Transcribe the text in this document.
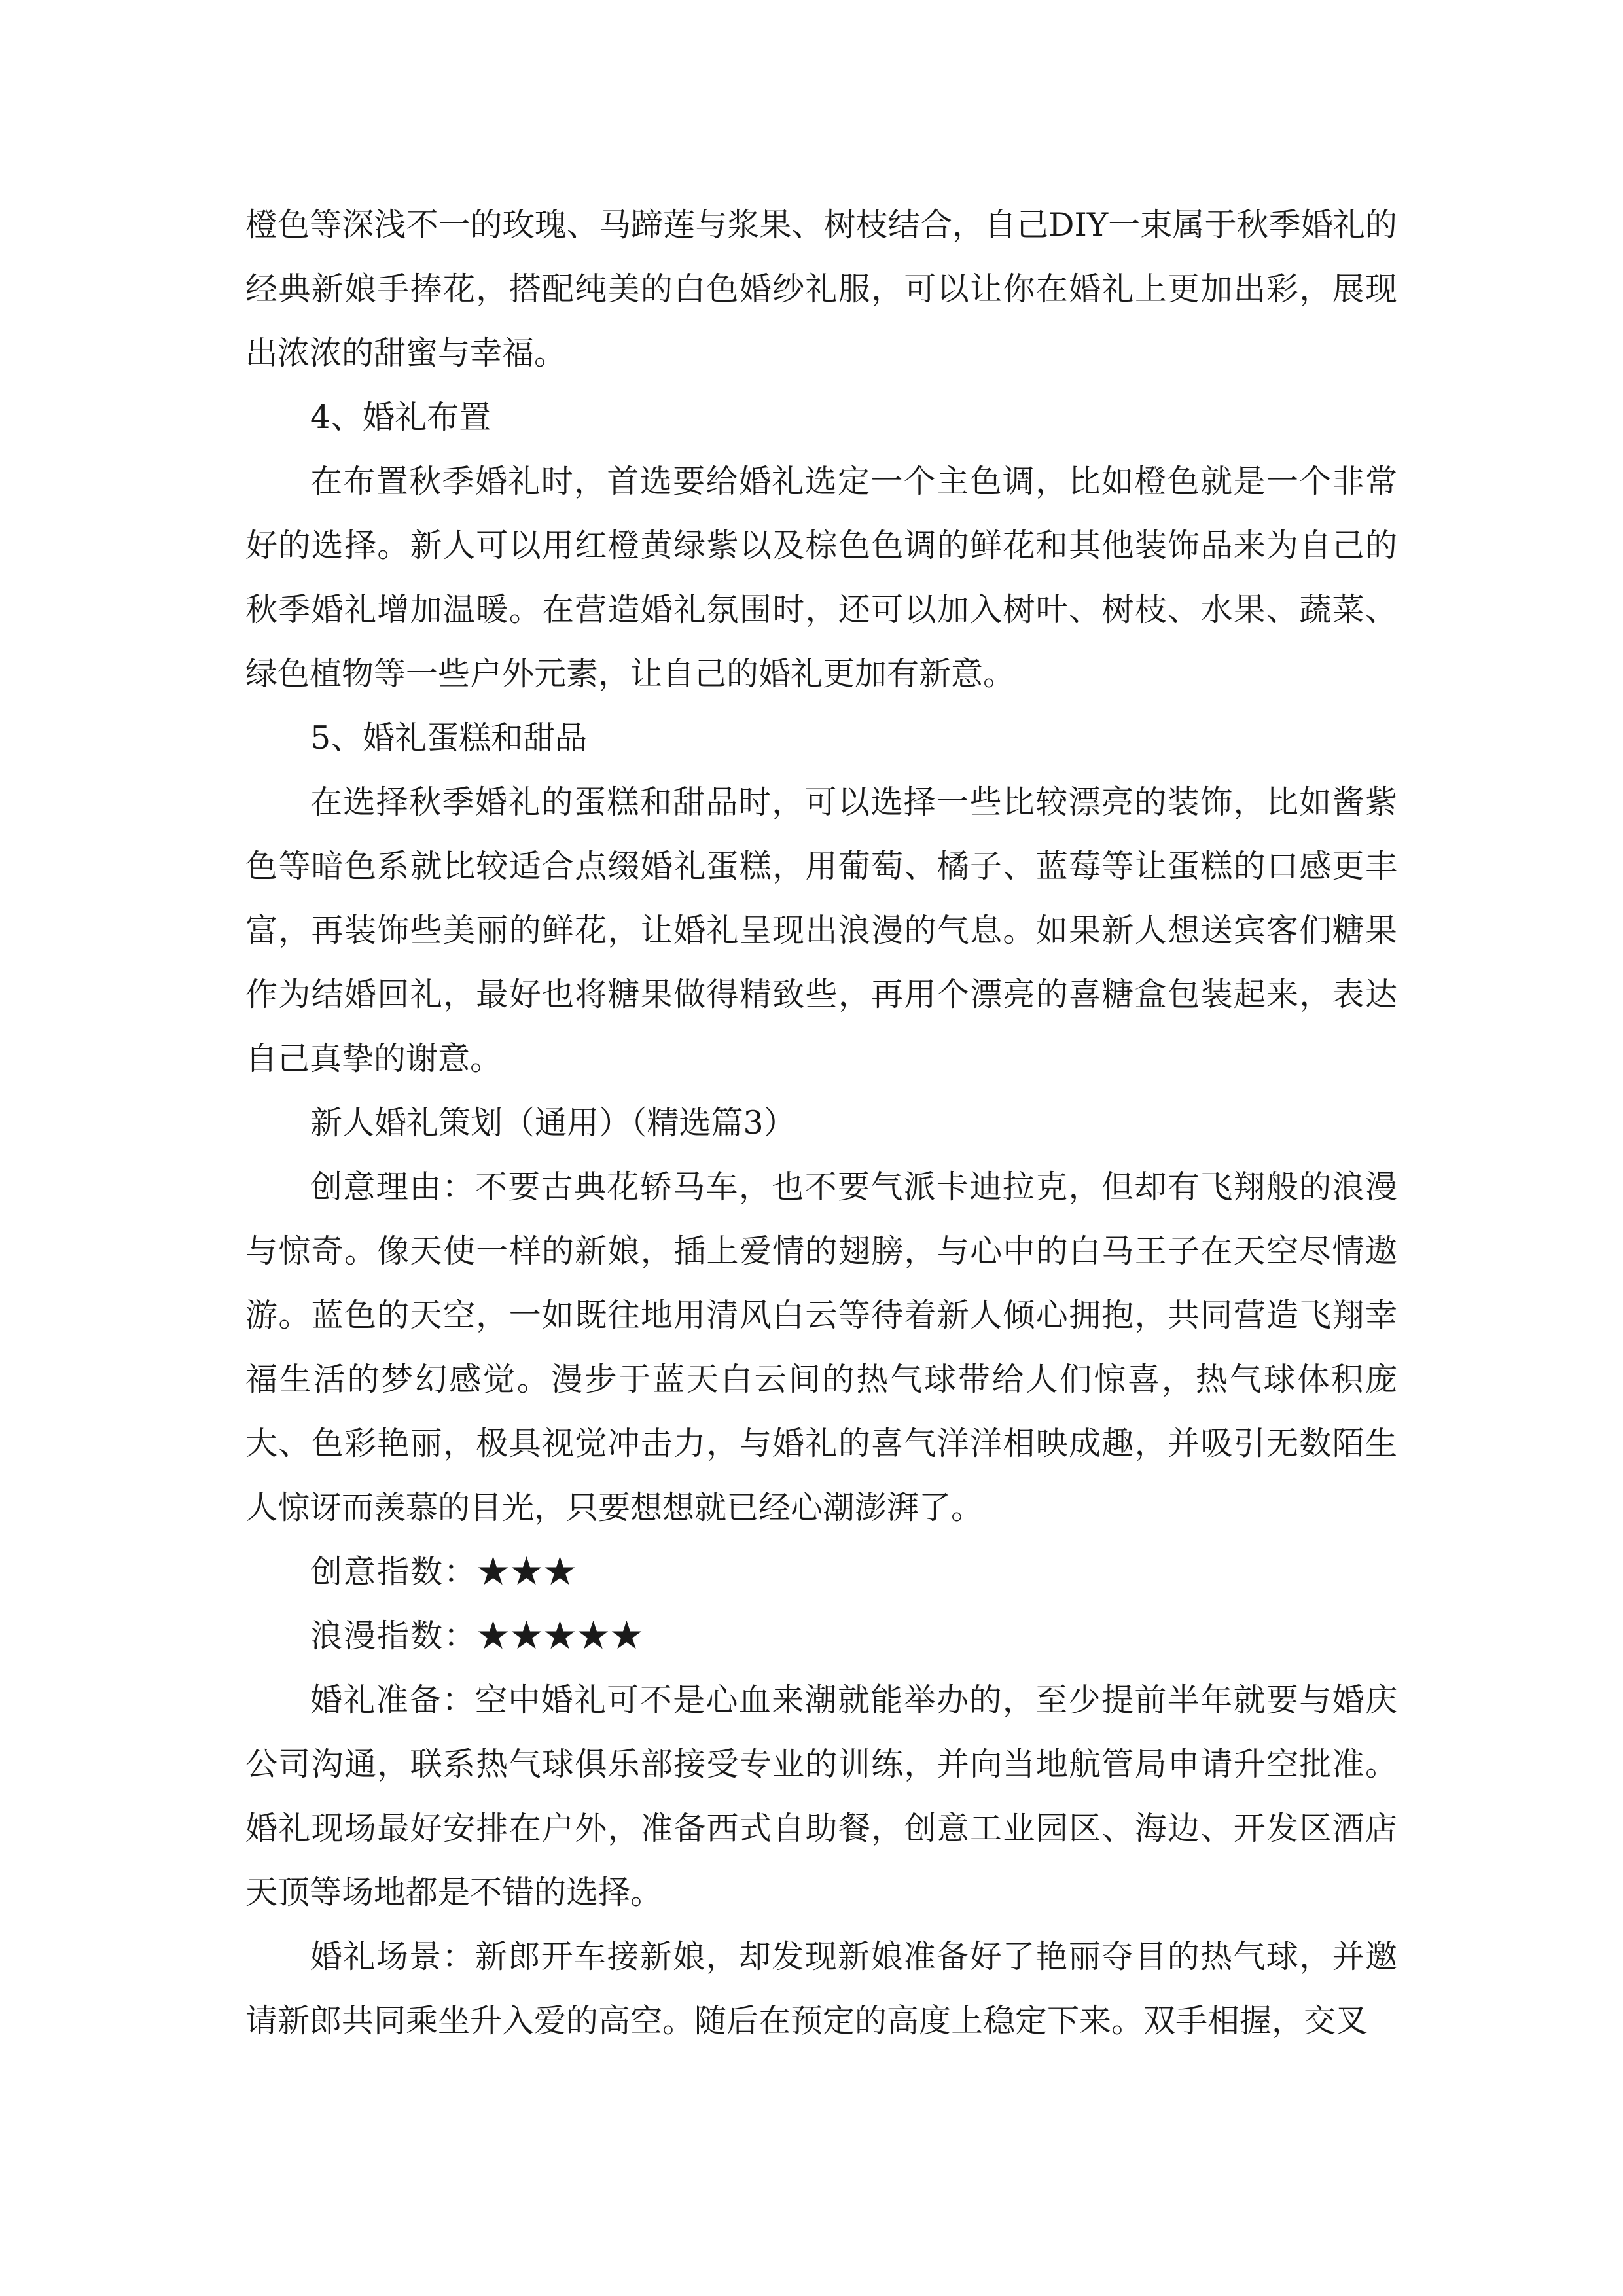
橙色等深浅不一的玫瑰、马蹄莲与浆果、树枝结合，自己DIY一束属于秋季婚礼的经典新娘手捧花，搭配纯美的白色婚纱礼服，可以让你在婚礼上更加出彩，展现出浓浓的甜蜜与幸福。

4、婚礼布置

在布置秋季婚礼时，首选要给婚礼选定一个主色调，比如橙色就是一个非常好的选择。新人可以用红橙黄绿紫以及棕色色调的鲜花和其他装饰品来为自己的秋季婚礼增加温暖。在营造婚礼氛围时，还可以加入树叶、树枝、水果、蔬菜、绿色植物等一些户外元素，让自己的婚礼更加有新意。

5、婚礼蛋糕和甜品

在选择秋季婚礼的蛋糕和甜品时，可以选择一些比较漂亮的装饰，比如酱紫色等暗色系就比较适合点缀婚礼蛋糕，用葡萄、橘子、蓝莓等让蛋糕的口感更丰富，再装饰些美丽的鲜花，让婚礼呈现出浪漫的气息。如果新人想送宾客们糖果作为结婚回礼，最好也将糖果做得精致些，再用个漂亮的喜糖盒包装起来，表达自己真挚的谢意。

新人婚礼策划（通用）（精选篇3）

创意理由：不要古典花轿马车，也不要气派卡迪拉克，但却有飞翔般的浪漫与惊奇。像天使一样的新娘，插上爱情的翅膀，与心中的白马王子在天空尽情遨游。蓝色的天空，一如既往地用清风白云等待着新人倾心拥抱，共同营造飞翔幸福生活的梦幻感觉。漫步于蓝天白云间的热气球带给人们惊喜，热气球体积庞大、色彩艳丽，极具视觉冲击力，与婚礼的喜气洋洋相映成趣，并吸引无数陌生人惊讶而羡慕的目光，只要想想就已经心潮澎湃了。

创意指数：★★★

浪漫指数：★★★★★

婚礼准备：空中婚礼可不是心血来潮就能举办的，至少提前半年就要与婚庆公司沟通，联系热气球俱乐部接受专业的训练，并向当地航管局申请升空批准。婚礼现场最好安排在户外，准备西式自助餐，创意工业园区、海边、开发区酒店天顶等场地都是不错的选择。

婚礼场景：新郎开车接新娘，却发现新娘准备好了艳丽夺目的热气球，并邀请新郎共同乘坐升入爱的高空。随后在预定的高度上稳定下来。双手相握，交叉
